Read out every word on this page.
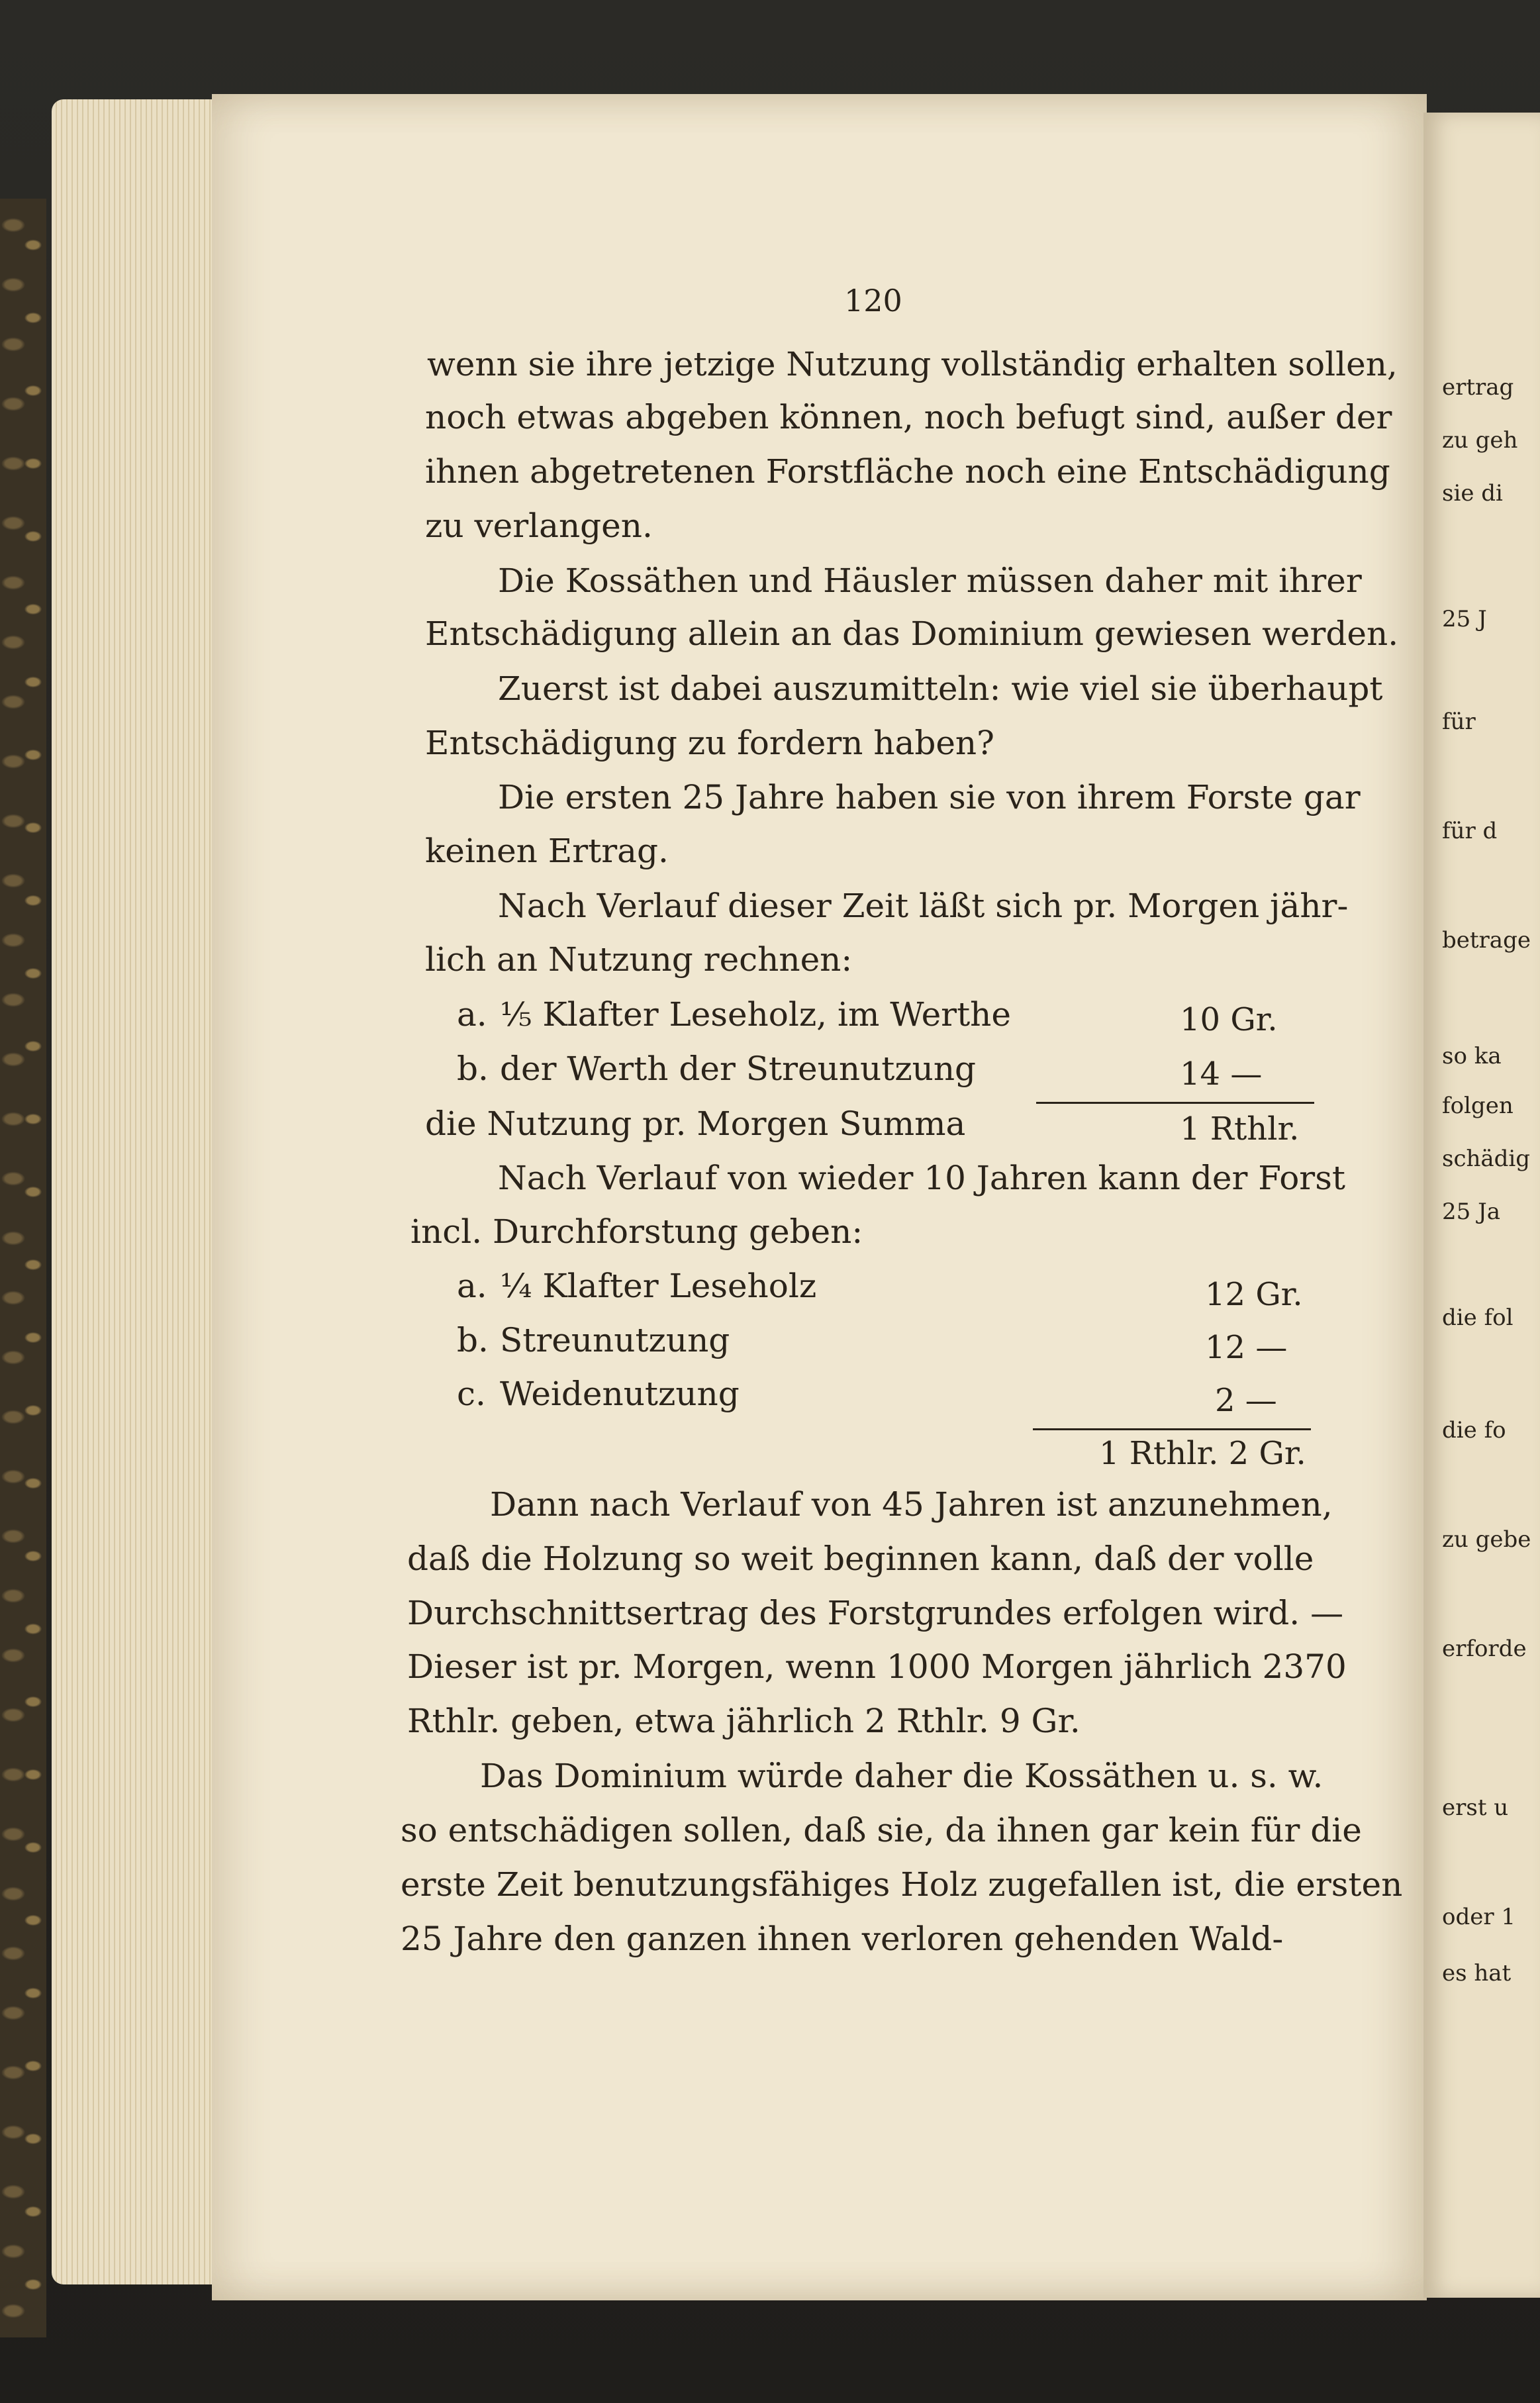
120
wenn sie ihre jetzige Nutzung vollständig erhalten sollen,
noch etwas abgeben können, noch befugt sind, außer der
ihnen abgetretenen Forstfläche noch eine Entschädigung
zu verlangen.
Die Kossäthen und Häusler müssen daher mit ihrer
Entschädigung allein an das Dominium gewiesen werden.
Zuerst ist dabei auszumitteln: wie viel sie überhaupt
Entschädigung zu fordern haben?
Die ersten 25 Jahre haben sie von ihrem Forste gar
keinen Ertrag.
Nach Verlauf dieser Zeit läßt sich pr. Morgen jähr-
lich an Nutzung rechnen:
a. ⅕ Klafter Leseholz, im Werthe	10 Gr.
b. der Werth der Streunutzung	14 —
die Nutzung pr. Morgen Summa	1 Rthlr.
Nach Verlauf von wieder 10 Jahren kann der Forst
incl. Durchforstung geben:
a. ¼ Klafter Leseholz	12 Gr.
b. Streunutzung	12 —
c. Weidenutzung	2 —
1 Rthlr. 2 Gr.
Dann nach Verlauf von 45 Jahren ist anzunehmen,
daß die Holzung so weit beginnen kann, daß der volle
Durchschnittsertrag des Forstgrundes erfolgen wird. —
Dieser ist pr. Morgen, wenn 1000 Morgen jährlich 2370
Rthlr. geben, etwa jährlich 2 Rthlr. 9 Gr.
Das Dominium würde daher die Kossäthen u. s. w.
so entschädigen sollen, daß sie, da ihnen gar kein für die
erste Zeit benutzungsfähiges Holz zugefallen ist, die ersten
25 Jahre den ganzen ihnen verloren gehenden Wald-
ertrag
zu geh
sie di
25 J
für
für d
betrage
so ka
folgen
schädig
25 Ja
die fol
die fo
zu gebe
erforde
erst u
oder 1
es hat
